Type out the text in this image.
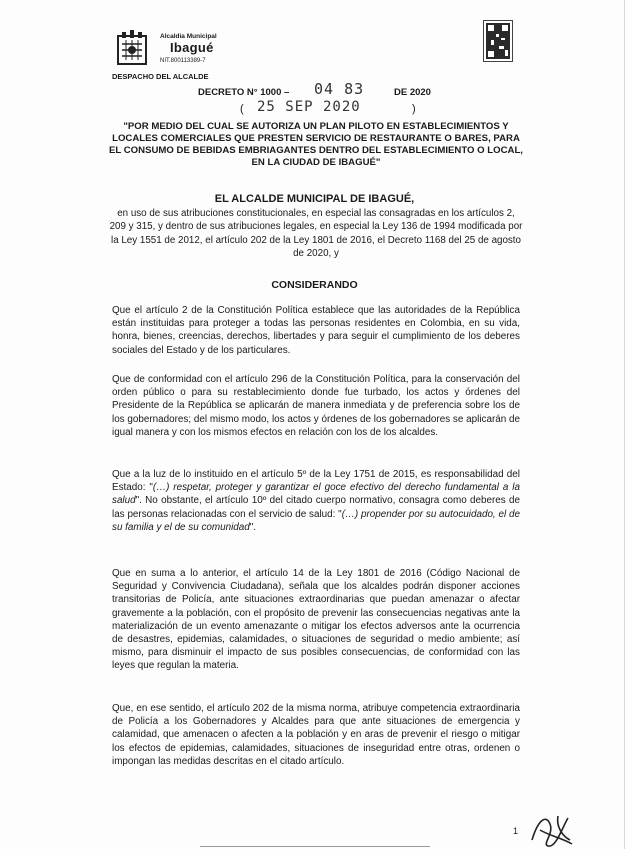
Alcaldía Municipal
Ibagué
NIT.800113389-7
DESPACHO DEL ALCALDE
DECRETO N° 1000 – 04 83	DE 2020
( 25 SEP 2020	)
"POR MEDIO DEL CUAL SE AUTORIZA UN PLAN PILOTO EN ESTABLECIMIENTOS Y LOCALES COMERCIALES QUE PRESTEN SERVICIO DE RESTAURANTE O BARES, PARA EL CONSUMO DE BEBIDAS EMBRIAGANTES DENTRO DEL ESTABLECIMIENTO O LOCAL, EN LA CIUDAD DE IBAGUÉ"
EL ALCALDE MUNICIPAL DE IBAGUÉ,
en uso de sus atribuciones constitucionales, en especial las consagradas en los artículos 2, 209 y 315, y dentro de sus atribuciones legales, en especial la Ley 136 de 1994 modificada por la Ley 1551 de 2012, el artículo 202 de la Ley 1801 de 2016, el Decreto 1168 del 25 de agosto de 2020, y
CONSIDERANDO
Que el artículo 2 de la Constitución Política establece que las autoridades de la República están instituidas para proteger a todas las personas residentes en Colombia, en su vida, honra, bienes, creencias, derechos, libertades y para seguir el cumplimiento de los deberes sociales del Estado y de los particulares.
Que de conformidad con el artículo 296 de la Constitución Política, para la conservación del orden público o para su restablecimiento donde fue turbado, los actos y órdenes del Presidente de la República se aplicarán de manera inmediata y de preferencia sobre los de los gobernadores; del mismo modo, los actos y órdenes de los gobernadores se aplicarán de igual manera y con los mismos efectos en relación con los de los alcaldes.
Que a la luz de lo instituido en el artículo 5º de la Ley 1751 de 2015, es responsabilidad del Estado: "(…) respetar, proteger y garantizar el goce efectivo del derecho fundamental a la salud". No obstante, el artículo 10º del citado cuerpo normativo, consagra como deberes de las personas relacionadas con el servicio de salud: "(…) propender por su autocuidado, el de su familia y el de su comunidad".
Que en suma a lo anterior, el artículo 14 de la Ley 1801 de 2016 (Código Nacional de Seguridad y Convivencia Ciudadana), señala que los alcaldes podrán disponer acciones transitorias de Policía, ante situaciones extraordinarias que puedan amenazar o afectar gravemente a la población, con el propósito de prevenir las consecuencias negativas ante la materialización de un evento amenazante o mitigar los efectos adversos ante la ocurrencia de desastres, epidemias, calamidades, o situaciones de seguridad o medio ambiente; así mismo, para disminuir el impacto de sus posibles consecuencias, de conformidad con las leyes que regulan la materia.
Que, en ese sentido, el artículo 202 de la misma norma, atribuye competencia extraordinaria de Policía a los Gobernadores y Alcaldes para que ante situaciones de emergencia y calamidad, que amenacen o afecten a la población y en aras de prevenir el riesgo o mitigar los efectos de epidemias, calamidades, situaciones de inseguridad entre otras, ordenen o impongan las medidas descritas en el citado artículo.
1
